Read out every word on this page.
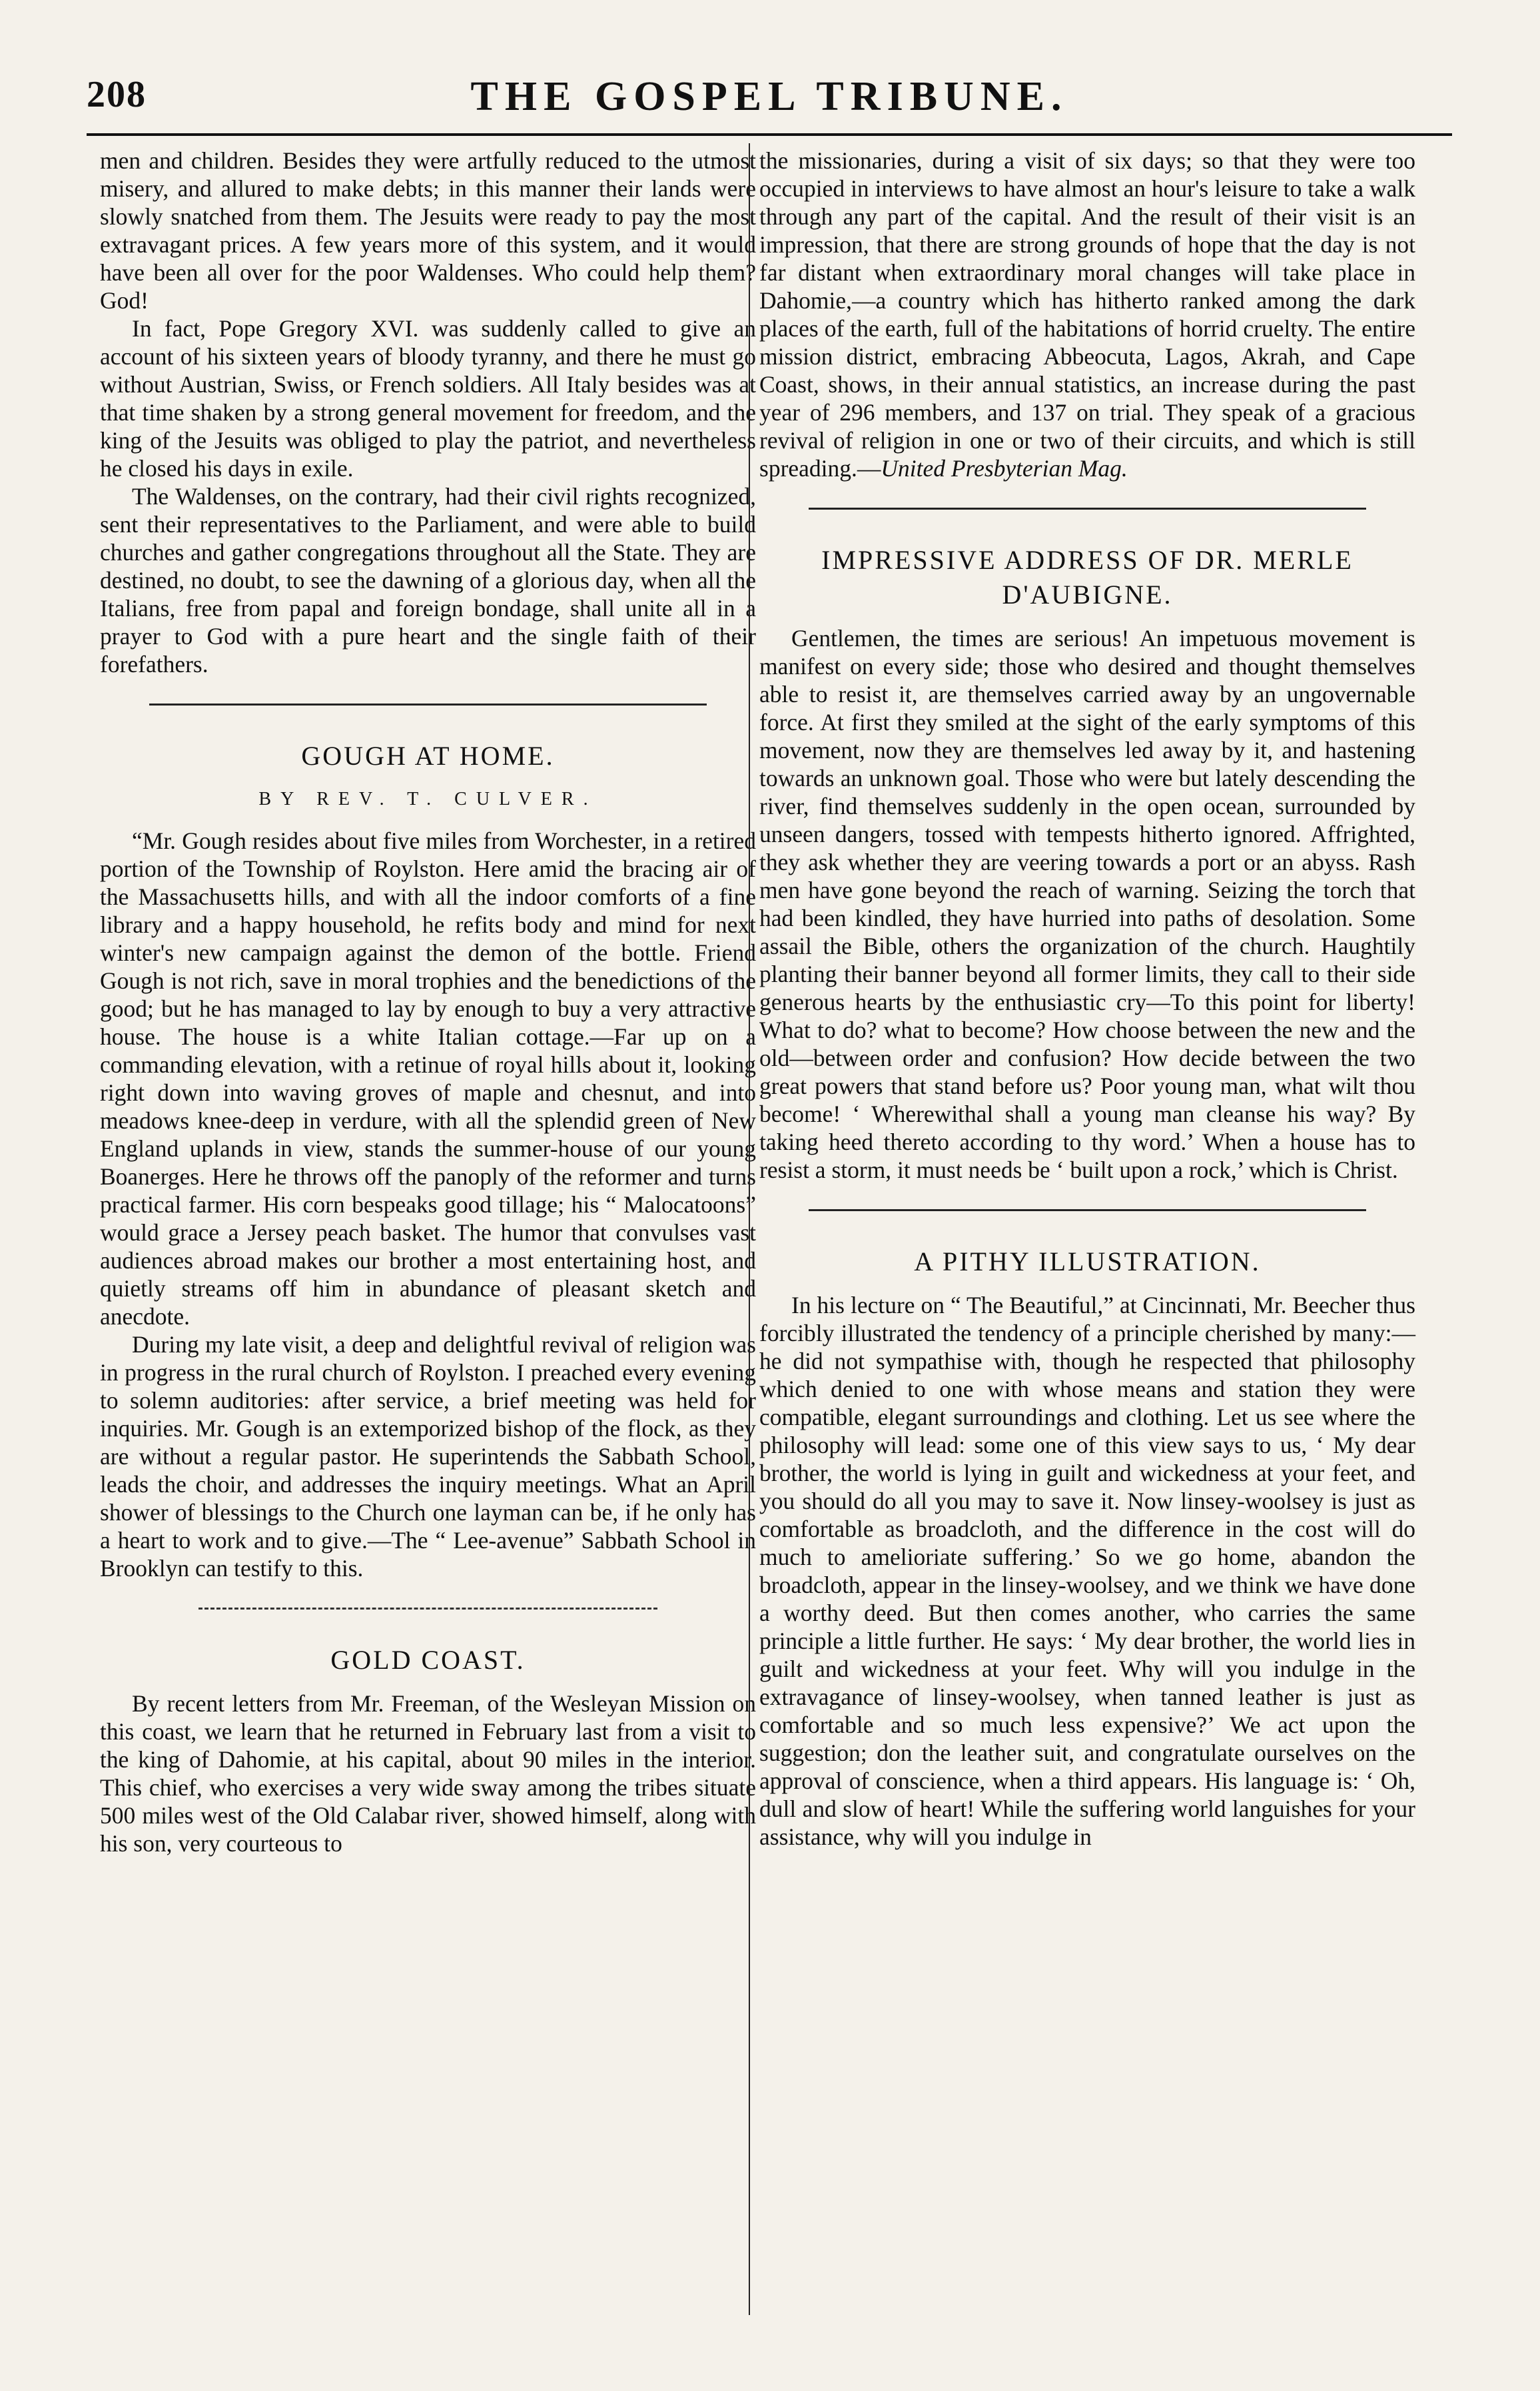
208	THE GOSPEL TRIBUNE.

men and children. Besides they were artfully reduced to the utmost misery, and allured to make debts; in this manner their lands were slowly snatched from them. The Jesuits were ready to pay the most extravagant prices. A few years more of this system, and it would have been all over for the poor Waldenses. Who could help them? God!

In fact, Pope Gregory XVI. was suddenly called to give an account of his sixteen years of bloody tyranny, and there he must go without Austrian, Swiss, or French soldiers. All Italy besides was at that time shaken by a strong general movement for freedom, and the king of the Jesuits was obliged to play the patriot, and nevertheless he closed his days in exile.

The Waldenses, on the contrary, had their civil rights recognized, sent their representatives to the Parliament, and were able to build churches and gather congregations throughout all the State. They are destined, no doubt, to see the dawning of a glorious day, when all the Italians, free from papal and foreign bondage, shall unite all in a prayer to God with a pure heart and the single faith of their forefathers.

GOUGH AT HOME.
BY REV. T. CULVER.

“Mr. Gough resides about five miles from Worchester, in a retired portion of the Township of Roylston. Here amid the bracing air of the Massachusetts hills, and with all the indoor comforts of a fine library and a happy household, he refits body and mind for next winter's new campaign against the demon of the bottle. Friend Gough is not rich, save in moral trophies and the benedictions of the good; but he has managed to lay by enough to buy a very attractive house. The house is a white Italian cottage.—Far up on a commanding elevation, with a retinue of royal hills about it, looking right down into waving groves of maple and chesnut, and into meadows knee-deep in verdure, with all the splendid green of New England uplands in view, stands the summer-house of our young Boanerges. Here he throws off the panoply of the reformer and turns practical farmer. His corn bespeaks good tillage; his “ Malocatoons” would grace a Jersey peach basket. The humor that convulses vast audiences abroad makes our brother a most entertaining host, and quietly streams off him in abundance of pleasant sketch and anecdote.

During my late visit, a deep and delightful revival of religion was in progress in the rural church of Roylston. I preached every evening to solemn auditories: after service, a brief meeting was held for inquiries. Mr. Gough is an extemporized bishop of the flock, as they are without a regular pastor. He superintends the Sabbath School, leads the choir, and addresses the inquiry meetings. What an April shower of blessings to the Church one layman can be, if he only has a heart to work and to give.—The “ Lee-avenue” Sabbath School in Brooklyn can testify to this.

GOLD COAST.

By recent letters from Mr. Freeman, of the Wesleyan Mission on this coast, we learn that he returned in February last from a visit to the king of Dahomie, at his capital, about 90 miles in the interior. This chief, who exercises a very wide sway among the tribes situate 500 miles west of the Old Calabar river, showed himself, along with his son, very courteous to

the missionaries, during a visit of six days; so that they were too occupied in interviews to have almost an hour's leisure to take a walk through any part of the capital. And the result of their visit is an impression, that there are strong grounds of hope that the day is not far distant when extraordinary moral changes will take place in Dahomie,—a country which has hitherto ranked among the dark places of the earth, full of the habitations of horrid cruelty. The entire mission district, embracing Abbeocuta, Lagos, Akrah, and Cape Coast, shows, in their annual statistics, an increase during the past year of 296 members, and 137 on trial. They speak of a gracious revival of religion in one or two of their circuits, and which is still spreading.—United Presbyterian Mag.

IMPRESSIVE ADDRESS OF DR. MERLE
D'AUBIGNE.

Gentlemen, the times are serious! An impetuous movement is manifest on every side; those who desired and thought themselves able to resist it, are themselves carried away by an ungovernable force. At first they smiled at the sight of the early symptoms of this movement, now they are themselves led away by it, and hastening towards an unknown goal. Those who were but lately descending the river, find themselves suddenly in the open ocean, surrounded by unseen dangers, tossed with tempests hitherto ignored. Affrighted, they ask whether they are veering towards a port or an abyss. Rash men have gone beyond the reach of warning. Seizing the torch that had been kindled, they have hurried into paths of desolation. Some assail the Bible, others the organization of the church. Haughtily planting their banner beyond all former limits, they call to their side generous hearts by the enthusiastic cry—To this point for liberty! What to do? what to become? How choose between the new and the old—between order and confusion? How decide between the two great powers that stand before us? Poor young man, what wilt thou become! ‘ Wherewithal shall a young man cleanse his way? By taking heed thereto according to thy word.’ When a house has to resist a storm, it must needs be ‘ built upon a rock,’ which is Christ.

A PITHY ILLUSTRATION.

In his lecture on “ The Beautiful,” at Cincinnati, Mr. Beecher thus forcibly illustrated the tendency of a principle cherished by many:—he did not sympathise with, though he respected that philosophy which denied to one with whose means and station they were compatible, elegant surroundings and clothing. Let us see where the philosophy will lead: some one of this view says to us, ‘ My dear brother, the world is lying in guilt and wickedness at your feet, and you should do all you may to save it. Now linsey-woolsey is just as comfortable as broadcloth, and the difference in the cost will do much to amelioriate suffering.’ So we go home, abandon the broadcloth, appear in the linsey-woolsey, and we think we have done a worthy deed. But then comes another, who carries the same principle a little further. He says: ‘ My dear brother, the world lies in guilt and wickedness at your feet. Why will you indulge in the extravagance of linsey-woolsey, when tanned leather is just as comfortable and so much less expensive?’ We act upon the suggestion; don the leather suit, and congratulate ourselves on the approval of conscience, when a third appears. His language is: ‘ Oh, dull and slow of heart! While the suffering world languishes for your assistance, why will you indulge in
